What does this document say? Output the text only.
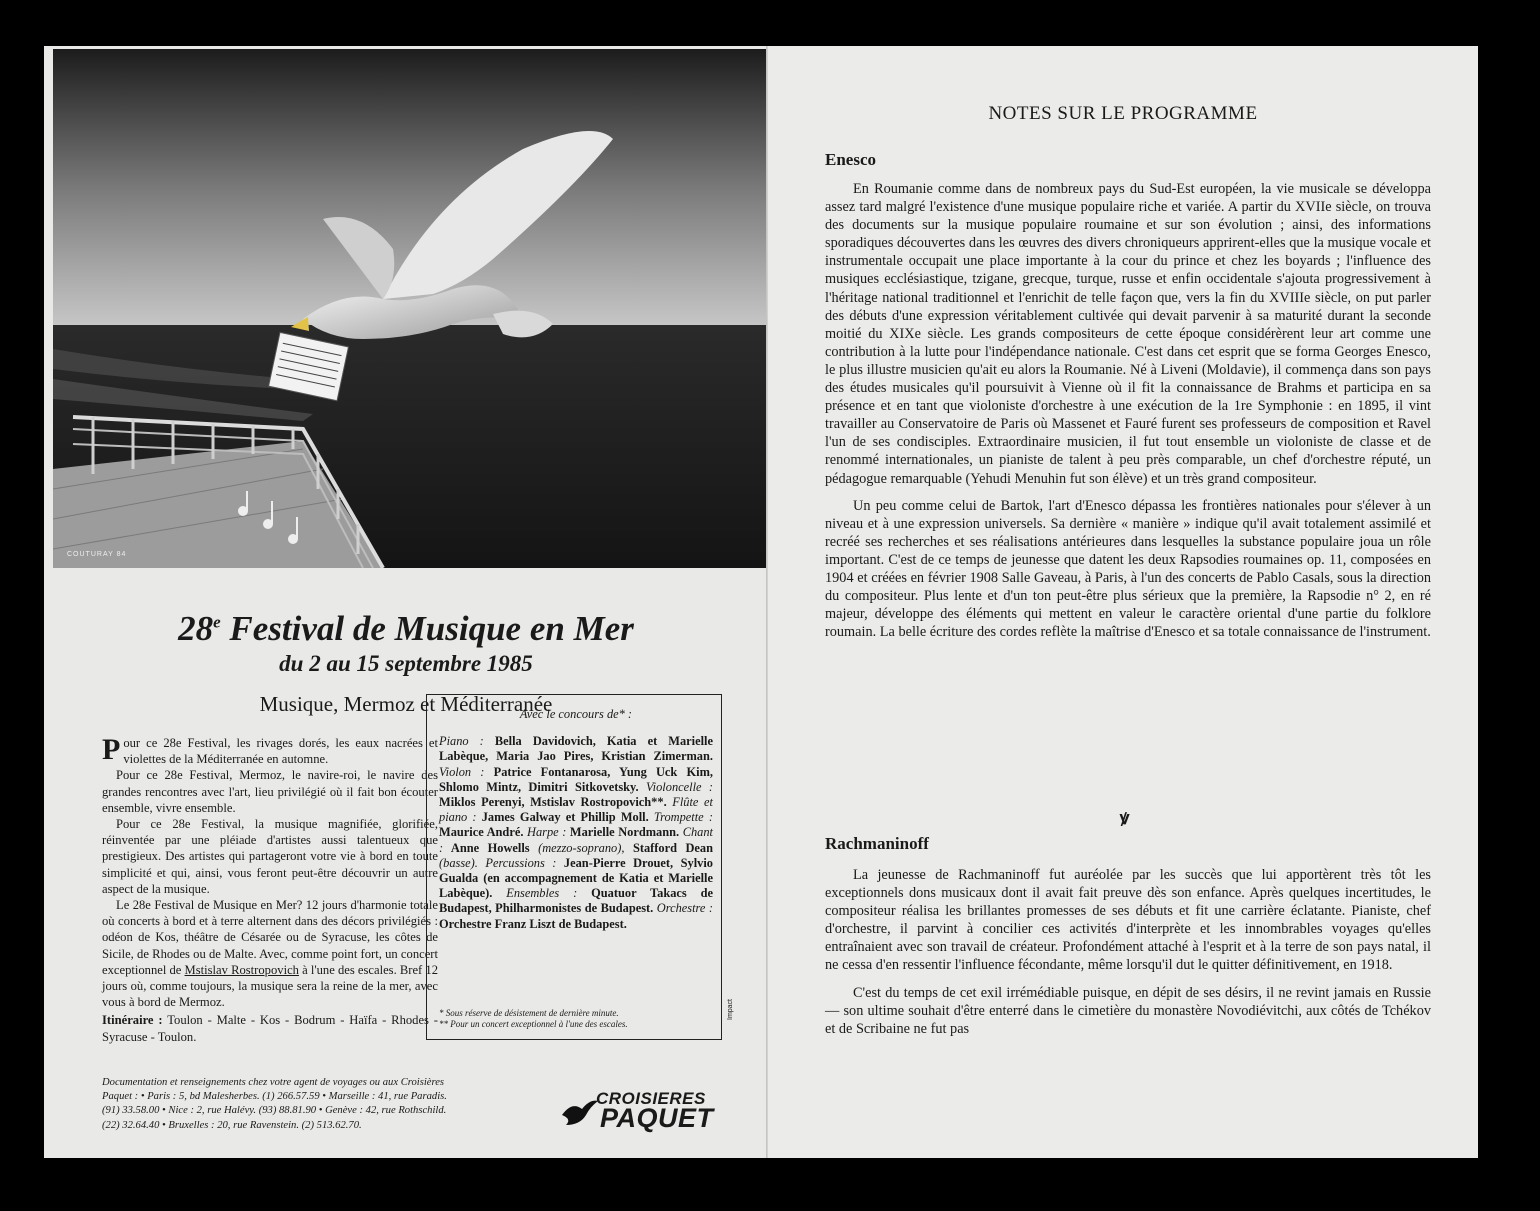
COUTURAY 84
28e Festival de Musique en Mer
du 2 au 15 septembre 1985
Musique, Mermoz et Méditerranée

Pour ce 28e Festival, les rivages dorés, les eaux nacrées et violettes de la Méditerranée en automne.

Pour ce 28e Festival, Mermoz, le navire-roi, le navire des grandes rencontres avec l'art, lieu privilégié où il fait bon écouter ensemble, vivre ensemble.

Pour ce 28e Festival, la musique magnifiée, glorifiée, réinventée par une pléiade d'artistes aussi talentueux que prestigieux. Des artistes qui partageront votre vie à bord en toute simplicité et qui, ainsi, vous feront peut-être découvrir un autre aspect de la musique.

Le 28e Festival de Musique en Mer? 12 jours d'harmonie totale où concerts à bord et à terre alternent dans des décors privilégiés : odéon de Kos, théâtre de Césarée ou de Syracuse, les côtes de Sicile, de Rhodes ou de Malte. Avec, comme point fort, un concert exceptionnel de Mstislav Rostropovich à l'une des escales. Bref 12 jours où, comme toujours, la musique sera la reine de la mer, avec vous à bord de Mermoz.

Itinéraire : Toulon - Malte - Kos - Bodrum - Haïfa - Rhodes - Syracuse - Toulon.

Avec le concours de* :
Piano : Bella Davidovich, Katia et Marielle Labèque, Maria Jao Pires, Kristian Zimerman. Violon : Patrice Fontanarosa, Yung Uck Kim, Shlomo Mintz, Dimitri Sitkovetsky. Violoncelle : Miklos Perenyi, Mstislav Rostropovich**. Flûte et piano : James Galway et Phillip Moll. Trompette : Maurice André. Harpe : Marielle Nordmann. Chant : Anne Howells (mezzo-soprano), Stafford Dean (basse). Percussions : Jean-Pierre Drouet, Sylvio Gualda (en accompagnement de Katia et Marielle Labèque). Ensembles : Quatuor Takacs de Budapest, Philharmonistes de Budapest. Orchestre : Orchestre Franz Liszt de Budapest.
* Sous réserve de désistement de dernière minute.
** Pour un concert exceptionnel à l'une des escales.
Impact
Documentation et renseignements chez votre agent de voyages ou aux Croisières
Paquet : • Paris : 5, bd Malesherbes. (1) 266.57.59 • Marseille : 41, rue Paradis.
(91) 33.58.00 • Nice : 2, rue Halévy. (93) 88.81.90 • Genève : 42, rue Rothschild.
(22) 32.64.40 • Bruxelles : 20, rue Ravenstein. (2) 513.62.70.
CROISIERES
PAQUET
NOTES SUR LE PROGRAMME
Enesco

En Roumanie comme dans de nombreux pays du Sud-Est européen, la vie musicale se développa assez tard malgré l'existence d'une musique populaire riche et variée. A partir du XVIIe siècle, on trouva des documents sur la musique populaire roumaine et sur son évolution ; ainsi, des informations sporadiques découvertes dans les œuvres des divers chroniqueurs apprirent-elles que la musique vocale et instrumentale occupait une place importante à la cour du prince et chez les boyards ; l'influence des musiques ecclésiastique, tzigane, grecque, turque, russe et enfin occidentale s'ajouta progressivement à l'héritage national traditionnel et l'enrichit de telle façon que, vers la fin du XVIIIe siècle, on put parler des débuts d'une expression véritablement cultivée qui devait parvenir à sa maturité durant la seconde moitié du XIXe siècle. Les grands compositeurs de cette époque considérèrent leur art comme une contribution à la lutte pour l'indépendance nationale. C'est dans cet esprit que se forma Georges Enesco, le plus illustre musicien qu'ait eu alors la Roumanie. Né à Liveni (Moldavie), il commença dans son pays des études musicales qu'il poursuivit à Vienne où il fit la connaissance de Brahms et participa en sa présence et en tant que violoniste d'orchestre à une exécution de la 1re Symphonie : en 1895, il vint travailler au Conservatoire de Paris où Massenet et Fauré furent ses professeurs de composition et Ravel l'un de ses condisciples. Extraordinaire musicien, il fut tout ensemble un violoniste de classe et de renommé internationales, un pianiste de talent à peu près comparable, un chef d'orchestre réputé, un pédagogue remarquable (Yehudi Menuhin fut son élève) et un très grand compositeur.

Un peu comme celui de Bartok, l'art d'Enesco dépassa les frontières nationales pour s'élever à un niveau et à une expression universels. Sa dernière « manière » indique qu'il avait totalement assimilé et recréé ses recherches et ses réalisations antérieures dans lesquelles la substance populaire joua un rôle important. C'est de ce temps de jeunesse que datent les deux Rapsodies roumaines op. 11, composées en 1904 et créées en février 1908 Salle Gaveau, à Paris, à l'un des concerts de Pablo Casals, sous la direction du compositeur. Plus lente et d'un ton peut-être plus sérieux que la première, la Rapsodie n° 2, en ré majeur, développe des éléments qui mettent en valeur le caractère oriental d'une partie du folklore roumain. La belle écriture des cordes reflète la maîtrise d'Enesco et sa totale connaissance de l'instrument.

ꝟ
Rachmaninoff

La jeunesse de Rachmaninoff fut auréolée par les succès que lui apportèrent très tôt les exceptionnels dons musicaux dont il avait fait preuve dès son enfance. Après quelques incertitudes, le compositeur réalisa les brillantes promesses de ses débuts et fit une carrière éclatante. Pianiste, chef d'orchestre, il parvint à concilier ces activités d'interprète et les innombrables voyages qu'elles entraînaient avec son travail de créateur. Profondément attaché à l'esprit et à la terre de son pays natal, il ne cessa d'en ressentir l'influence fécondante, même lorsqu'il dut le quitter définitivement, en 1918.

C'est du temps de cet exil irrémédiable puisque, en dépit de ses désirs, il ne revint jamais en Russie — son ultime souhait d'être enterré dans le cimetière du monastère Novodiévitchi, aux côtés de Tchékov et de Scribaine ne fut pas
